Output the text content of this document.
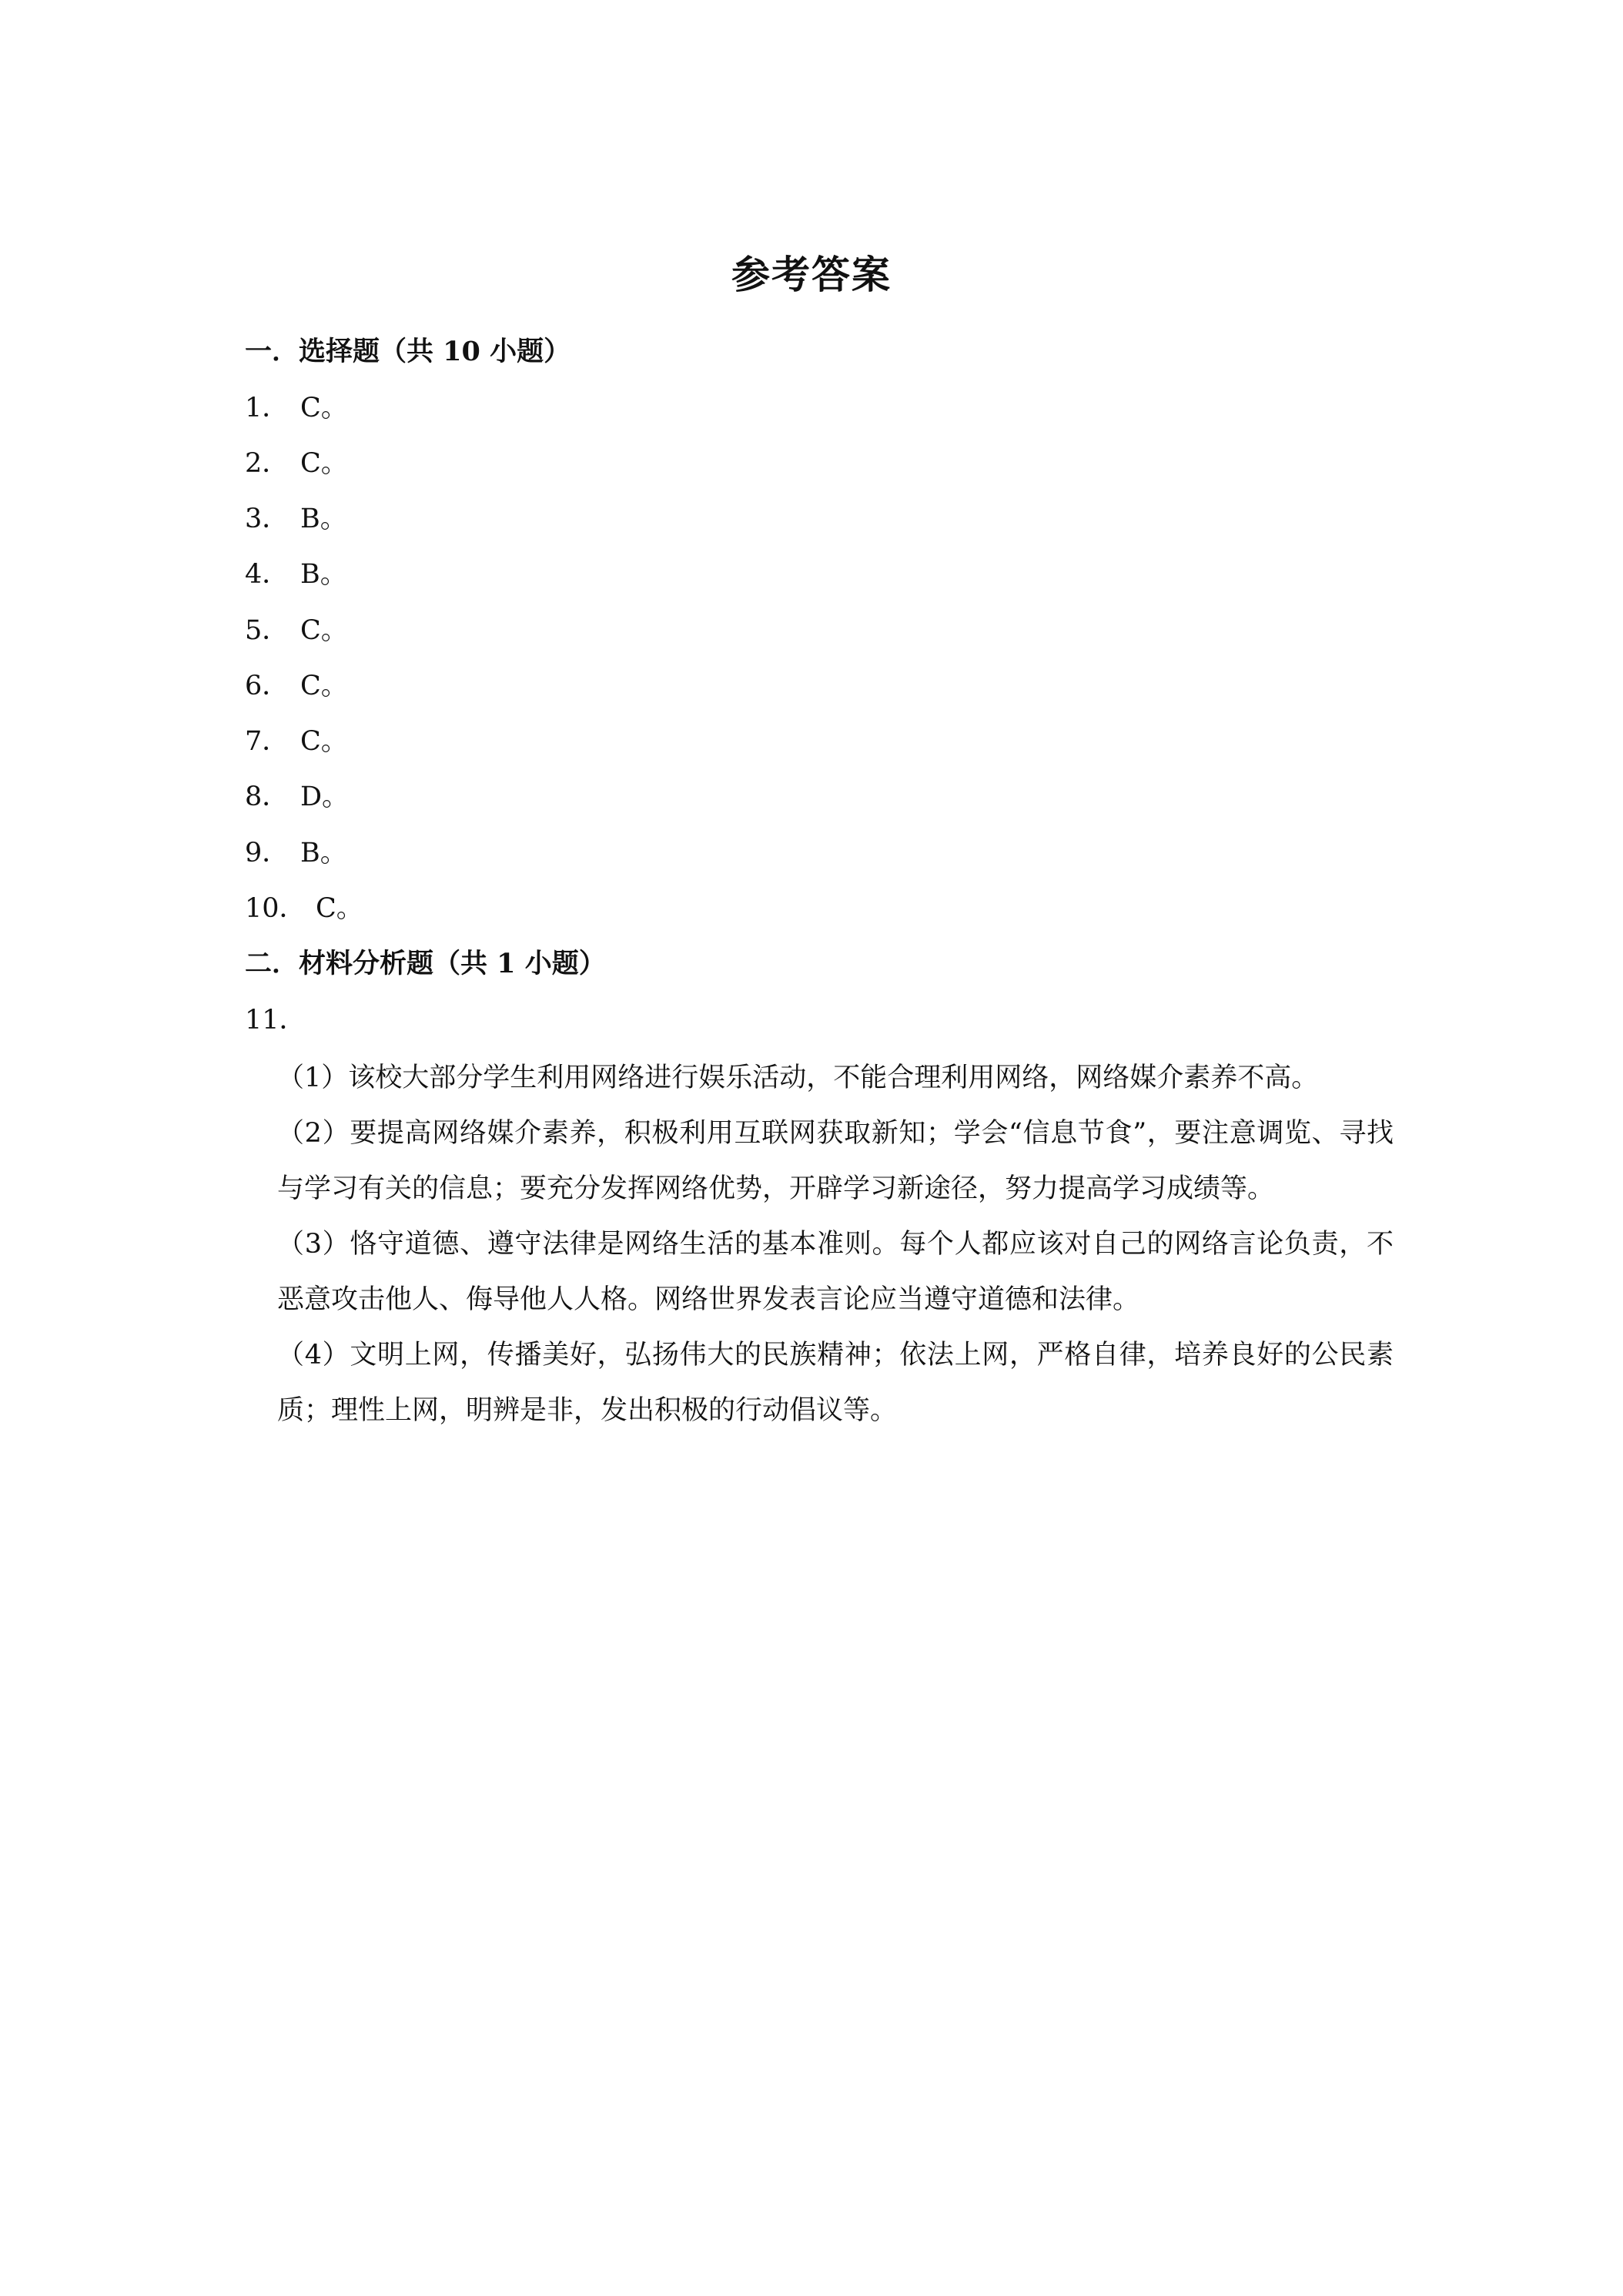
参考答案
一．选择题（共 10 小题）
1． C。
2． C。
3． B。
4． B。
5． C。
6． C。
7． C。
8． D。
9． B。
10． C。
二．材料分析题（共 1 小题）
11．
（1）该校大部分学生利用网络进行娱乐活动，不能合理利用网络，网络媒介素养不高。
（2）要提高网络媒介素养，积极利用互联网获取新知；学会“信息节食”，要注意调览、寻找与学习有关的信息；要充分发挥网络优势，开辟学习新途径，努力提高学习成绩等。
（3）恪守道德、遵守法律是网络生活的基本准则。每个人都应该对自己的网络言论负责，不恶意攻击他人、侮导他人人格。网络世界发表言论应当遵守道德和法律。
（4）文明上网，传播美好，弘扬伟大的民族精神；依法上网，严格自律，培养良好的公民素质；理性上网，明辨是非，发出积极的行动倡议等。
